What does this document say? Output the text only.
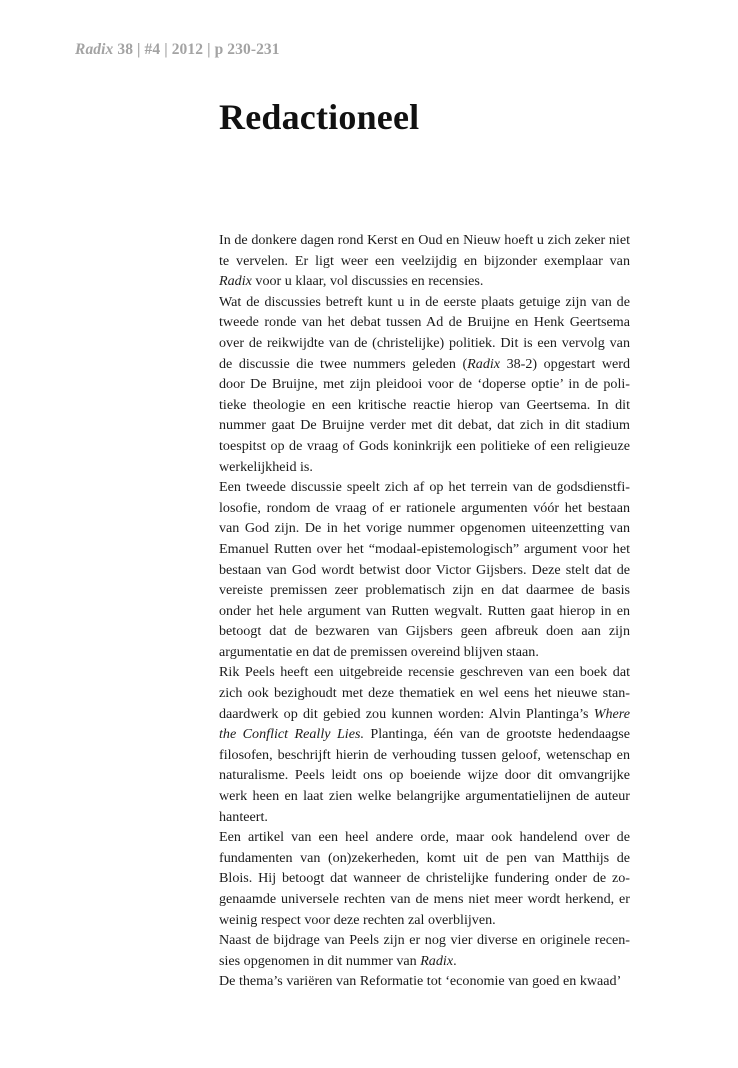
Radix 38 | #4 | 2012 | p 230-231
Redactioneel

In de donkere dagen rond Kerst en Oud en Nieuw hoeft u zich zeker niet te vervelen. Er ligt weer een veelzijdig en bijzonder exemplaar van Radix voor u klaar, vol discussies en recensies.

Wat de discussies betreft kunt u in de eerste plaats getuige zijn van de tweede ronde van het debat tussen Ad de Bruijne en Henk Geertsema over de reikwijdte van de (christelijke) politiek. Dit is een vervolg van de discussie die twee nummers geleden (Radix 38-2) opgestart werd door De Bruijne, met zijn pleidooi voor de ‘doperse optie’ in de politieke theologie en een kritische reactie hierop van Geertsema. In dit nummer gaat De Bruijne verder met dit debat, dat zich in dit stadium toespitst op de vraag of Gods koninkrijk een politieke of een religieuze werkelijkheid is.

Een tweede discussie speelt zich af op het terrein van de godsdienstfilosofie, rondom de vraag of er rationele argumenten vóór het bestaan van God zijn. De in het vorige nummer opgenomen uiteenzetting van Emanuel Rutten over het “modaal-epistemologisch” argument voor het bestaan van God wordt betwist door Victor Gijsbers. Deze stelt dat de vereiste premissen zeer problematisch zijn en dat daarmee de basis onder het hele argument van Rutten wegvalt. Rutten gaat hierop in en betoogt dat de bezwaren van Gijsbers geen afbreuk doen aan zijn argumentatie en dat de premissen overeind blijven staan.

Rik Peels heeft een uitgebreide recensie geschreven van een boek dat zich ook bezighoudt met deze thematiek en wel eens het nieuwe standaardwerk op dit gebied zou kunnen worden: Alvin Plantinga’s Where the Conflict Really Lies. Plantinga, één van de grootste hedendaagse filosofen, beschrijft hierin de verhouding tussen geloof, wetenschap en naturalisme. Peels leidt ons op boeiende wijze door dit omvangrijke werk heen en laat zien welke belangrijke argumentatielijnen de auteur hanteert.

Een artikel van een heel andere orde, maar ook handelend over de fundamenten van (on)zekerheden, komt uit de pen van Matthijs de Blois. Hij betoogt dat wanneer de christelijke fundering onder de zogenaamde universele rechten van de mens niet meer wordt herkend, er weinig respect voor deze rechten zal overblijven.

Naast de bijdrage van Peels zijn er nog vier diverse en originele recensies opgenomen in dit nummer van Radix.

De thema’s variëren van Reformatie tot ‘economie van goed en kwaad’
